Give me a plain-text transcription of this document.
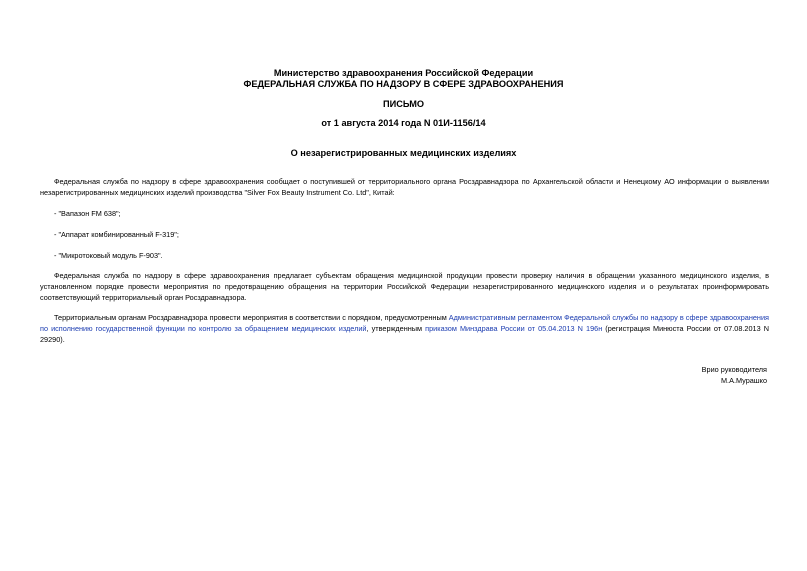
Министерство здравоохранения Российской Федерации
ФЕДЕРАЛЬНАЯ СЛУЖБА ПО НАДЗОРУ В СФЕРЕ ЗДРАВООХРАНЕНИЯ
ПИСЬМО
от 1 августа 2014 года N 01И-1156/14
О незарегистрированных медицинских изделиях

Федеральная служба по надзору в сфере здравоохранения сообщает о поступившей от территориального органа Росздравнадзора по Архангельской области и Ненецкому АО информации о выявлении незарегистрированных медицинских изделий производства "Silver Fox Beauty Instrument Co. Ltd", Китай:

- "Вапазон FM 638";
- "Аппарат комбинированный F-319";
- "Микротоковый модуль F-903".

Федеральная служба по надзору в сфере здравоохранения предлагает субъектам обращения медицинской продукции провести проверку наличия в обращении указанного медицинского изделия, в установленном порядке провести мероприятия по предотвращению обращения на территории Российской Федерации незарегистрированного медицинского изделия и о результатах проинформировать соответствующий территориальный орган Росздравнадзора.

Территориальным органам Росздравнадзора провести мероприятия в соответствии с порядком, предусмотренным Административным регламентом Федеральной службы по надзору в сфере здравоохранения по исполнению государственной функции по контролю за обращением медицинских изделий, утвержденным приказом Минздрава России от 05.04.2013 N 196н (регистрация Минюста России от 07.08.2013 N 29290).

Врио руководителя
М.А.Мурашко
